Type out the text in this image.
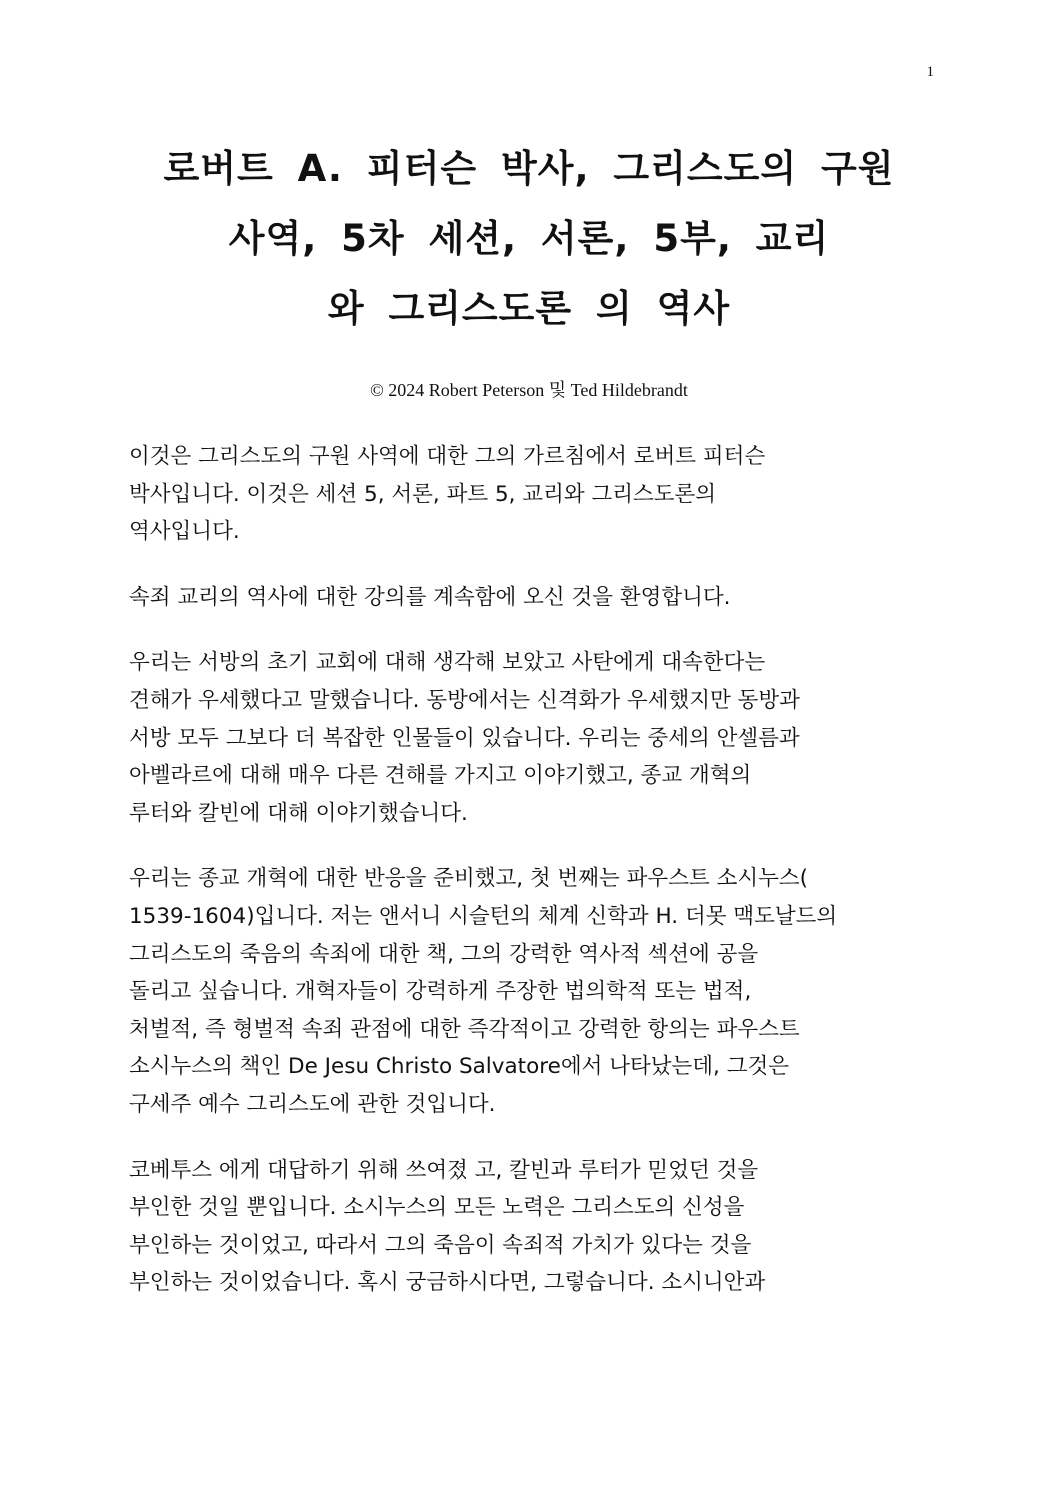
1
로버트 A. 피터슨 박사, 그리스도의 구원
사역, 5차 세션, 서론, 5부, 교리
와 그리스도론 의 역사
© 2024 Robert Peterson 및 Ted Hildebrandt

이것은 그리스도의 구원 사역에 대한 그의 가르침에서 로버트 피터슨
박사입니다. 이것은 세션 5, 서론, 파트 5, 교리와 그리스도론의
역사입니다.

속죄 교리의 역사에 대한 강의를 계속함에 오신 것을 환영합니다.

우리는 서방의 초기 교회에 대해 생각해 보았고 사탄에게 대속한다는
견해가 우세했다고 말했습니다. 동방에서는 신격화가 우세했지만 동방과
서방 모두 그보다 더 복잡한 인물들이 있습니다. 우리는 중세의 안셀름과
아벨라르에 대해 매우 다른 견해를 가지고 이야기했고, 종교 개혁의
루터와 칼빈에 대해 이야기했습니다.

우리는 종교 개혁에 대한 반응을 준비했고, 첫 번째는 파우스트 소시누스(
1539-1604)입니다. 저는 앤서니 시슬턴의 체계 신학과 H. 더못 맥도날드의
그리스도의 죽음의 속죄에 대한 책, 그의 강력한 역사적 섹션에 공을
돌리고 싶습니다. 개혁자들이 강력하게 주장한 법의학적 또는 법적,
처벌적, 즉 형벌적 속죄 관점에 대한 즉각적이고 강력한 항의는 파우스트
소시누스의 책인 De Jesu Christo Salvatore에서 나타났는데, 그것은
구세주 예수 그리스도에 관한 것입니다.

코베투스 에게 대답하기 위해 쓰여졌 고, 칼빈과 루터가 믿었던 것을
부인한 것일 뿐입니다. 소시누스의 모든 노력은 그리스도의 신성을
부인하는 것이었고, 따라서 그의 죽음이 속죄적 가치가 있다는 것을
부인하는 것이었습니다. 혹시 궁금하시다면, 그렇습니다. 소시니안과
